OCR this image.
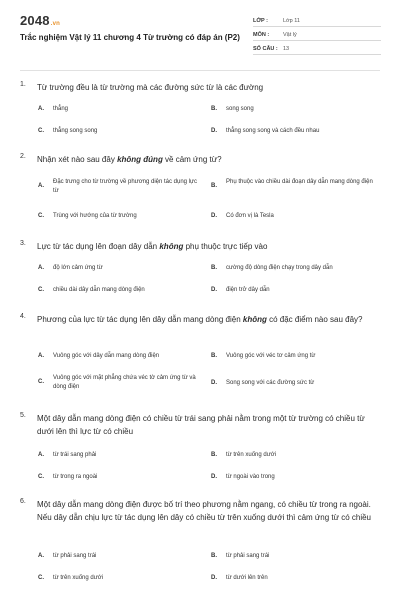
2048.vn
Trắc nghiệm Vật lý 11 chương 4 Từ trường có đáp án (P2)
LỚP :	Lớp 11
MÔN :	Vật lý
SỐ CÂU : 13
1. Từ trường đều là từ trường mà các đường sức từ là các đường
A. thẳng	B. song song
C. thẳng song song	D. thẳng song song và cách đều nhau
2. Nhận xét nào sau đây không đúng về cảm ứng từ?
A.
Đặc trưng cho từ trường về phương diện tác dụng lực từ
B.
Phụ thuộc vào chiều dài đoạn dây dẫn mang dòng điện
C. Trùng với hướng của từ trường	D. Có đơn vị là Tesla
3. Lực từ tác dụng lên đoạn dây dẫn không phụ thuộc trực tiếp vào
A. độ lớn cảm ứng từ	B. cường độ dòng điện chạy trong dây dẫn
C. chiều dài dây dẫn mang dòng điện	D. điện trở dây dẫn
4. Phương của lực từ tác dụng lên dây dẫn mang dòng điện không có đặc điểm nào sau đây?
A. Vuông góc với dây dẫn mang dòng điện	B. Vuông góc với véc tơ cảm ứng từ
C.
Vuông góc với mặt phẳng chứa véc tờ cảm ứng từ và dòng điện
D. Song song với các đường sức từ
5. Một dây dẫn mang dòng điện có chiều từ trái sang phải nằm trong một từ trường có chiều từ dưới lên thì lực từ có chiều
A. từ trái sang phải	B. từ trên xuống dưới
C. từ trong ra ngoài	D. từ ngoài vào trong
6. Một dây dẫn mang dòng điện được bố trí theo phương nằm ngang, có chiều từ trong ra ngoài. Nếu dây dẫn chịu lực từ tác dụng lên dây có chiều từ trên xuống dưới thì cảm ứng từ có chiều
A. từ phải sang trái	B. từ phải sang trái
C. từ trên xuống dưới	D. từ dưới lên trên
